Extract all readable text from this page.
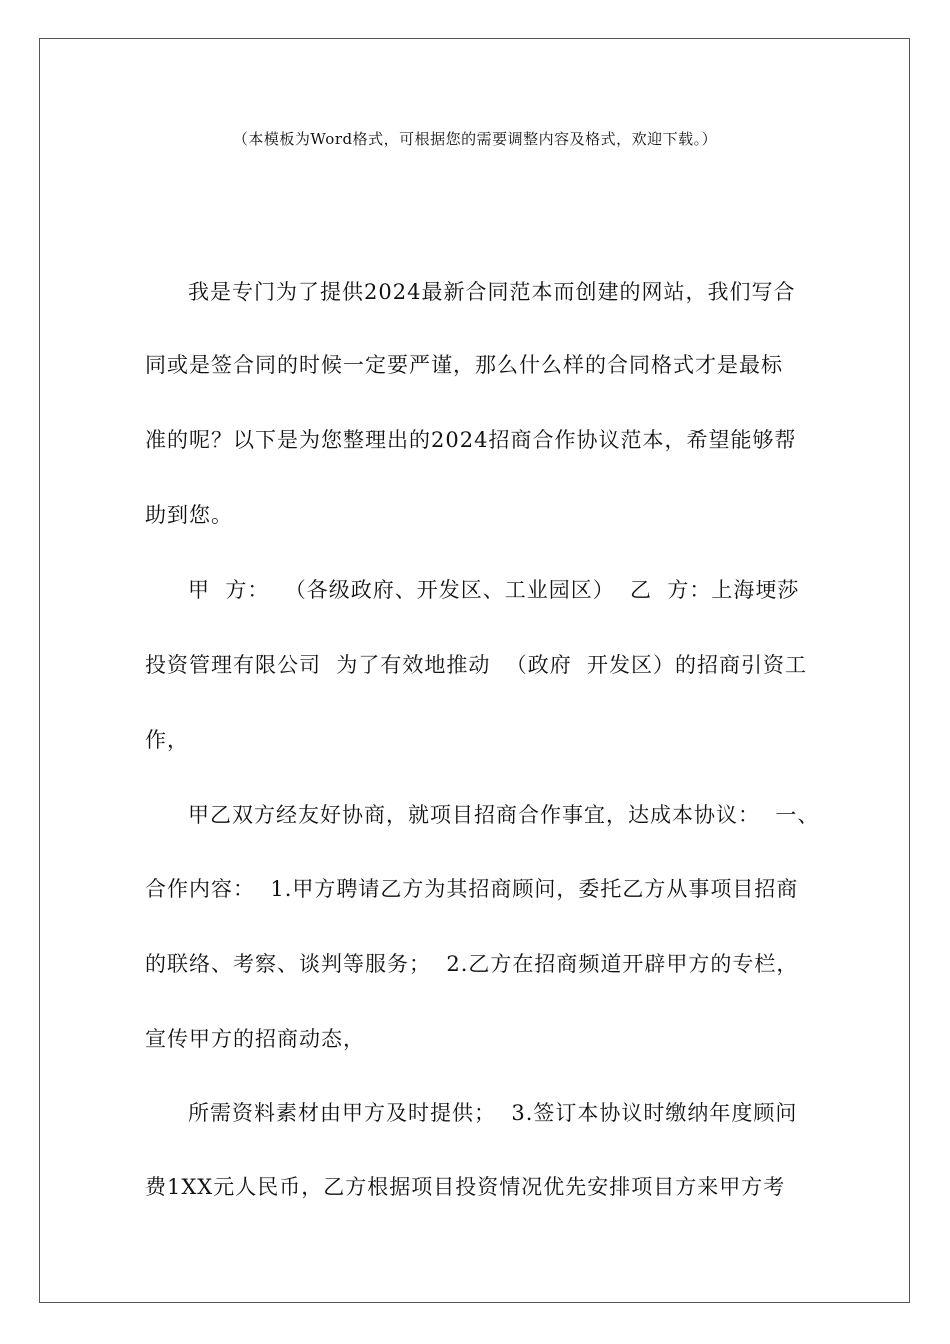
（本模板为Word格式，可根据您的需要调整内容及格式，欢迎下载。）
我是专门为了提供2024最新合同范本而创建的网站，我们写合
同或是签合同的时候一定要严谨，那么什么样的合同格式才是最标
准的呢？以下是为您整理出的2024招商合作协议范本，希望能够帮
助到您。
甲  方：  （各级政府、开发区、工业园区）  乙  方：上海埂莎
投资管理有限公司  为了有效地推动  （政府  开发区）的招商引资工
作，
甲乙双方经友好协商，就项目招商合作事宜，达成本协议：  一、
合作内容：  1.甲方聘请乙方为其招商顾问，委托乙方从事项目招商
的联络、考察、谈判等服务；  2.乙方在招商频道开辟甲方的专栏，
宣传甲方的招商动态，
所需资料素材由甲方及时提供；  3.签订本协议时缴纳年度顾问
费1XX元人民币，乙方根据项目投资情况优先安排项目方来甲方考
